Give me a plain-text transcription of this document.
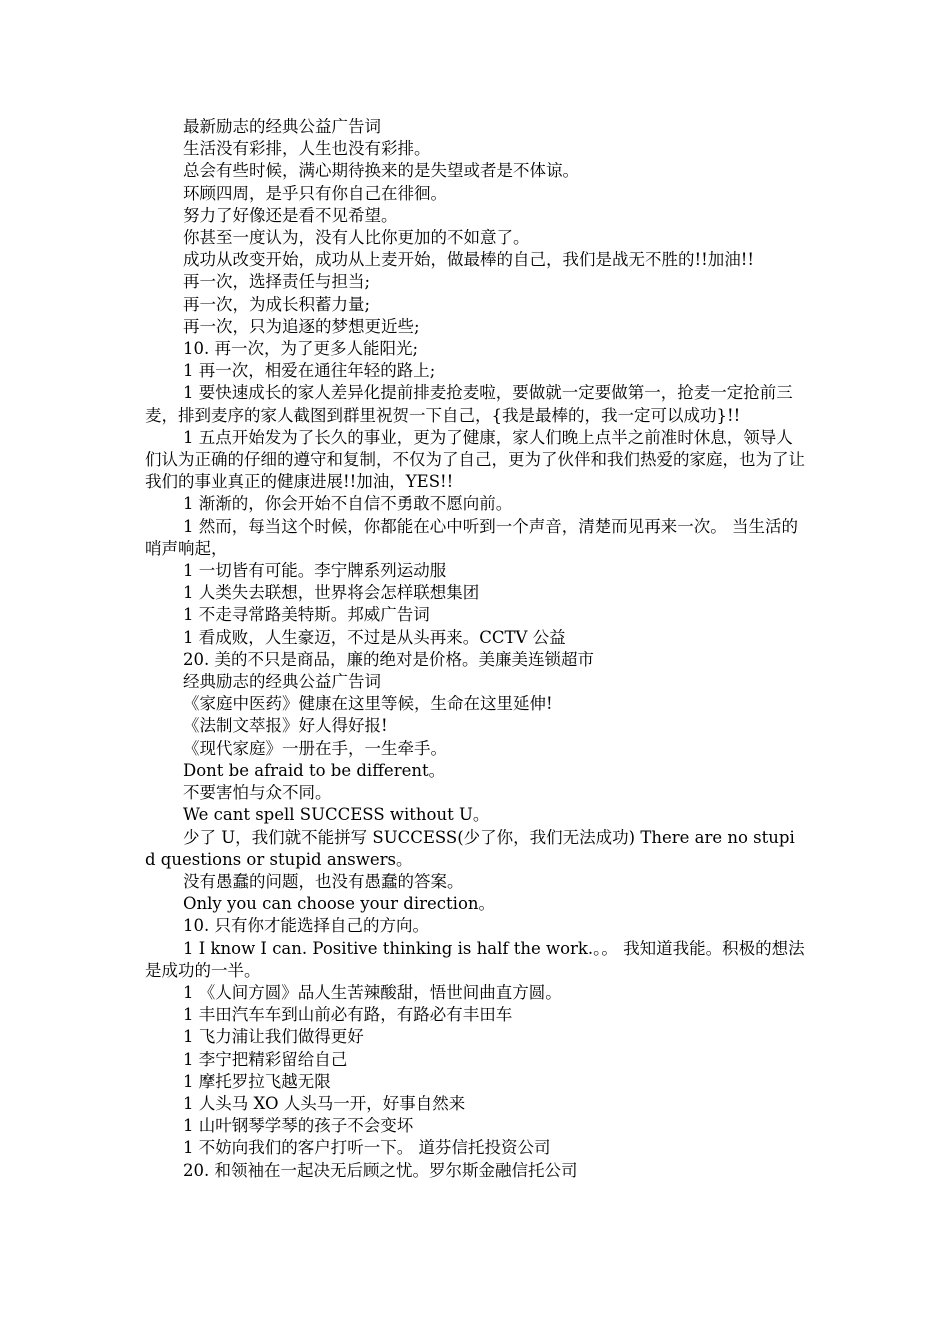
最新励志的经典公益广告词

生活没有彩排，人生也没有彩排。

总会有些时候，满心期待换来的是失望或者是不体谅。

环顾四周，是乎只有你自己在徘徊。

努力了好像还是看不见希望。

你甚至一度认为，没有人比你更加的不如意了。

成功从改变开始，成功从上麦开始，做最棒的自己，我们是战无不胜的!!加油!!

再一次，选择责任与担当;

再一次，为成长积蓄力量;

再一次，只为追逐的梦想更近些;

10. 再一次，为了更多人能阳光;

1 再一次，相爱在通往年轻的路上;

1 要快速成长的家人差异化提前排麦抢麦啦，要做就一定要做第一，抢麦一定抢前三麦，排到麦序的家人截图到群里祝贺一下自己，{我是最棒的，我一定可以成功}!!

1 五点开始发为了长久的事业，更为了健康，家人们晚上点半之前准时休息，领导人们认为正确的仔细的遵守和复制，不仅为了自己，更为了伙伴和我们热爱的家庭，也为了让我们的事业真正的健康进展!!加油，YES!!

1 渐渐的，你会开始不自信不勇敢不愿向前。

1 然而，每当这个时候，你都能在心中听到一个声音，清楚而见再来一次。 当生活的哨声响起，

1 一切皆有可能。李宁牌系列运动服

1 人类失去联想，世界将会怎样联想集团

1 不走寻常路美特斯。邦威广告词

1 看成败，人生豪迈，不过是从头再来。CCTV 公益

20. 美的不只是商品，廉的绝对是价格。美廉美连锁超市

经典励志的经典公益广告词

《家庭中医药》健康在这里等候，生命在这里延伸!

《法制文萃报》好人得好报!

《现代家庭》一册在手，一生牵手。

Dont be afraid to be different。

不要害怕与众不同。

We cant spell SUCCESS without U。

少了 U，我们就不能拼写 SUCCESS(少了你，我们无法成功) There are no stupid questions or stupid answers。

没有愚蠢的问题，也没有愚蠢的答案。

Only you can choose your direction。

10. 只有你才能选择自己的方向。

1 I know I can. Positive thinking is half the work.。。 我知道我能。积极的想法是成功的一半。

1 《人间方圆》品人生苦辣酸甜，悟世间曲直方圆。

1 丰田汽车车到山前必有路，有路必有丰田车

1 飞力浦让我们做得更好

1 李宁把精彩留给自己

1 摩托罗拉飞越无限

1 人头马 XO 人头马一开，好事自然来

1 山叶钢琴学琴的孩子不会变坏

1 不妨向我们的客户打听一下。 道芬信托投资公司

20. 和领袖在一起决无后顾之忧。罗尔斯金融信托公司
